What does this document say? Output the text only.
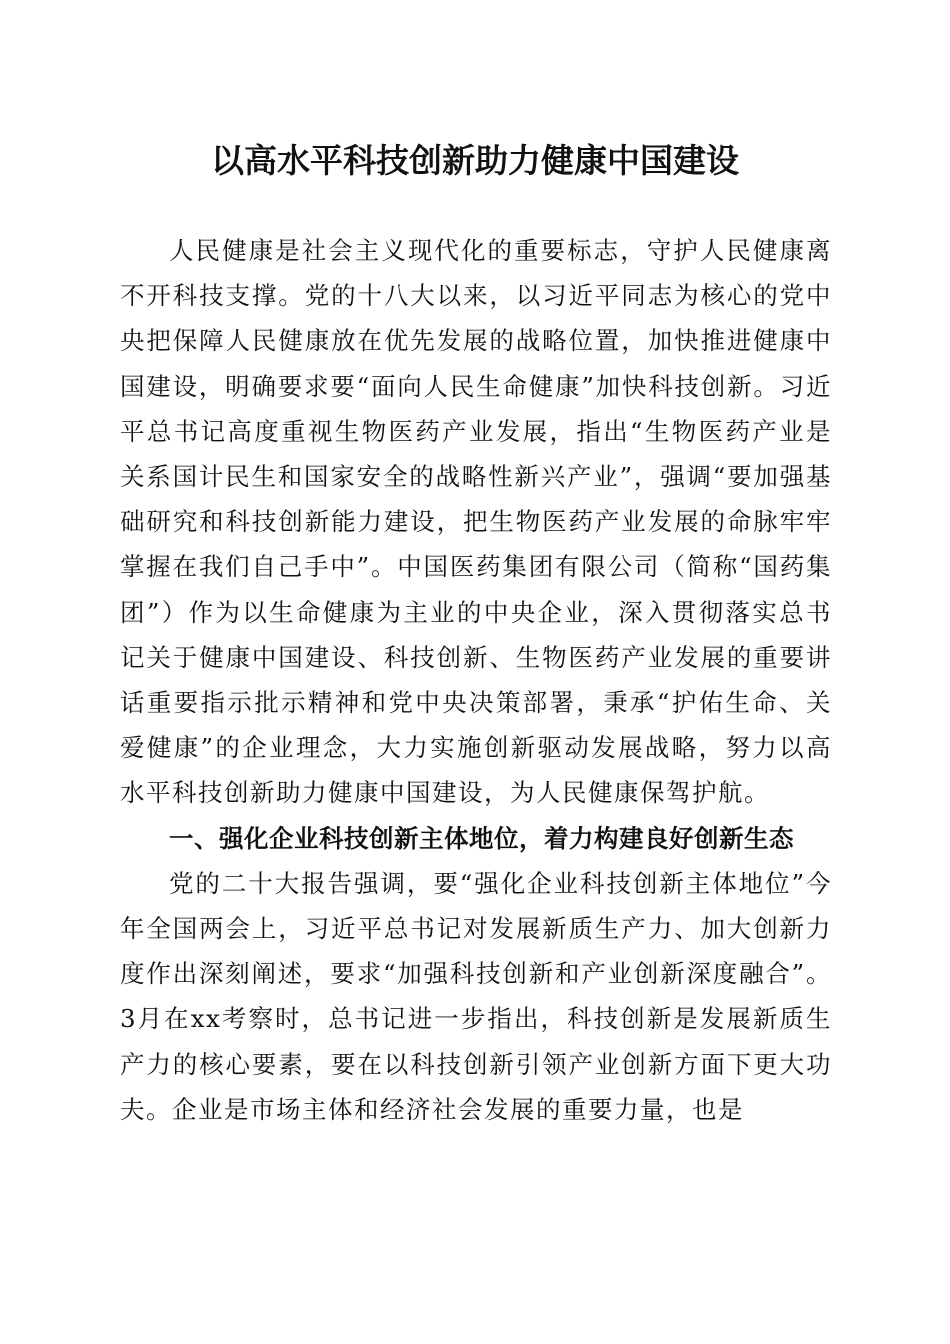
以高水平科技创新助力健康中国建设

人民健康是社会主义现代化的重要标志，守护人民健康离不开科技支撑。党的十八大以来，以习近平同志为核心的党中央把保障人民健康放在优先发展的战略位置，加快推进健康中国建设，明确要求要“面向人民生命健康”加快科技创新。习近平总书记高度重视生物医药产业发展，指出“生物医药产业是关系国计民生和国家安全的战略性新兴产业”，强调“要加强基础研究和科技创新能力建设，把生物医药产业发展的命脉牢牢掌握在我们自己手中”。中国医药集团有限公司（简称“国药集团”）作为以生命健康为主业的中央企业，深入贯彻落实总书记关于健康中国建设、科技创新、生物医药产业发展的重要讲话重要指示批示精神和党中央决策部署，秉承“护佑生命、关爱健康”的企业理念，大力实施创新驱动发展战略，努力以高水平科技创新助力健康中国建设，为人民健康保驾护航。

一、强化企业科技创新主体地位，着力构建良好创新生态

党的二十大报告强调，要“强化企业科技创新主体地位”今年全国两会上，习近平总书记对发展新质生产力、加大创新力度作出深刻阐述，要求“加强科技创新和产业创新深度融合”。3月在xx考察时，总书记进一步指出，科技创新是发展新质生产力的核心要素，要在以科技创新引领产业创新方面下更大功夫。企业是市场主体和经济社会发展的重要力量，也是
